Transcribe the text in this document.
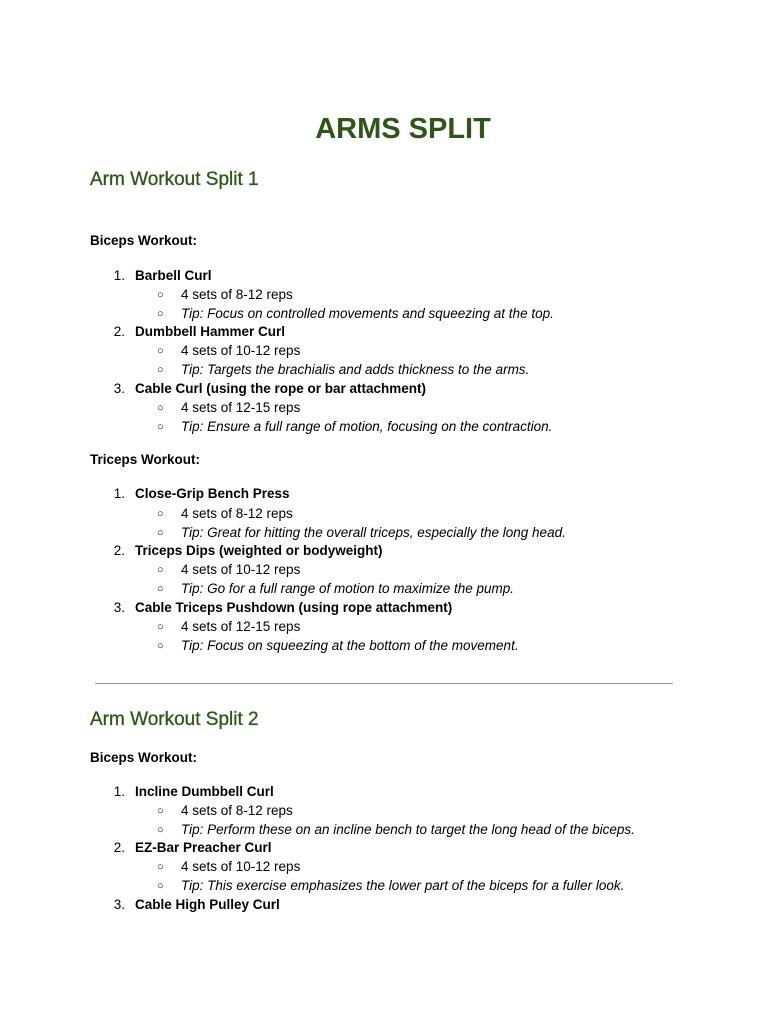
ARMS SPLIT
Arm Workout Split 1
Biceps Workout:
1. Barbell Curl
○ 4 sets of 8-12 reps
○ Tip: Focus on controlled movements and squeezing at the top.
2. Dumbbell Hammer Curl
○ 4 sets of 10-12 reps
○ Tip: Targets the brachialis and adds thickness to the arms.
3. Cable Curl (using the rope or bar attachment)
○ 4 sets of 12-15 reps
○ Tip: Ensure a full range of motion, focusing on the contraction.
Triceps Workout:
1. Close-Grip Bench Press
○ 4 sets of 8-12 reps
○ Tip: Great for hitting the overall triceps, especially the long head.
2. Triceps Dips (weighted or bodyweight)
○ 4 sets of 10-12 reps
○ Tip: Go for a full range of motion to maximize the pump.
3. Cable Triceps Pushdown (using rope attachment)
○ 4 sets of 12-15 reps
○ Tip: Focus on squeezing at the bottom of the movement.
Arm Workout Split 2
Biceps Workout:
1. Incline Dumbbell Curl
○ 4 sets of 8-12 reps
○ Tip: Perform these on an incline bench to target the long head of the biceps.
2. EZ-Bar Preacher Curl
○ 4 sets of 10-12 reps
○ Tip: This exercise emphasizes the lower part of the biceps for a fuller look.
3. Cable High Pulley Curl
